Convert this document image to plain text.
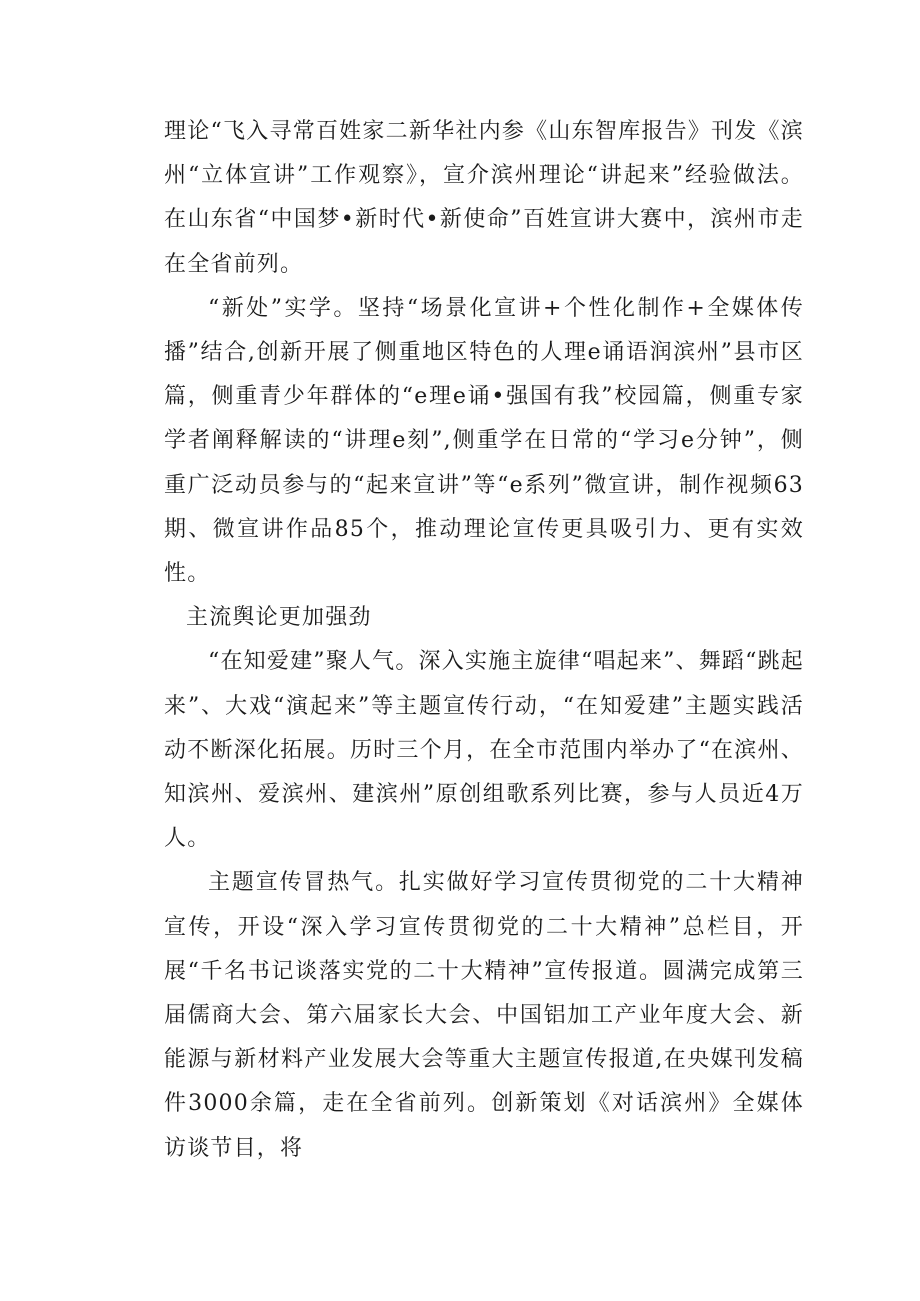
理论“飞入寻常百姓家二新华社内参《山东智库报告》刊发《滨州“立体宣讲”工作观察》，宣介滨州理论“讲起来”经验做法。在山东省“中国梦•新时代•新使命”百姓宣讲大赛中，滨州市走在全省前列。

“新处”实学。坚持“场景化宣讲+个性化制作+全媒体传播”结合,创新开展了侧重地区特色的人理e诵语润滨州”县市区篇，侧重青少年群体的“e理e诵•强国有我”校园篇，侧重专家学者阐释解读的“讲理e刻”,侧重学在日常的“学习e分钟”，侧重广泛动员参与的“起来宣讲”等“e系列”微宣讲，制作视频63期、微宣讲作品85个，推动理论宣传更具吸引力、更有实效性。

主流舆论更加强劲

“在知爱建”聚人气。深入实施主旋律“唱起来”、舞蹈“跳起来”、大戏“演起来”等主题宣传行动，“在知爱建”主题实践活动不断深化拓展。历时三个月，在全市范围内举办了“在滨州、知滨州、爱滨州、建滨州”原创组歌系列比赛，参与人员近4万人。

主题宣传冒热气。扎实做好学习宣传贯彻党的二十大精神宣传，开设“深入学习宣传贯彻党的二十大精神”总栏目，开展“千名书记谈落实党的二十大精神”宣传报道。圆满完成第三届儒商大会、第六届家长大会、中国铝加工产业年度大会、新能源与新材料产业发展大会等重大主题宣传报道,在央媒刊发稿件3000余篇，走在全省前列。创新策划《对话滨州》全媒体访谈节目，将
